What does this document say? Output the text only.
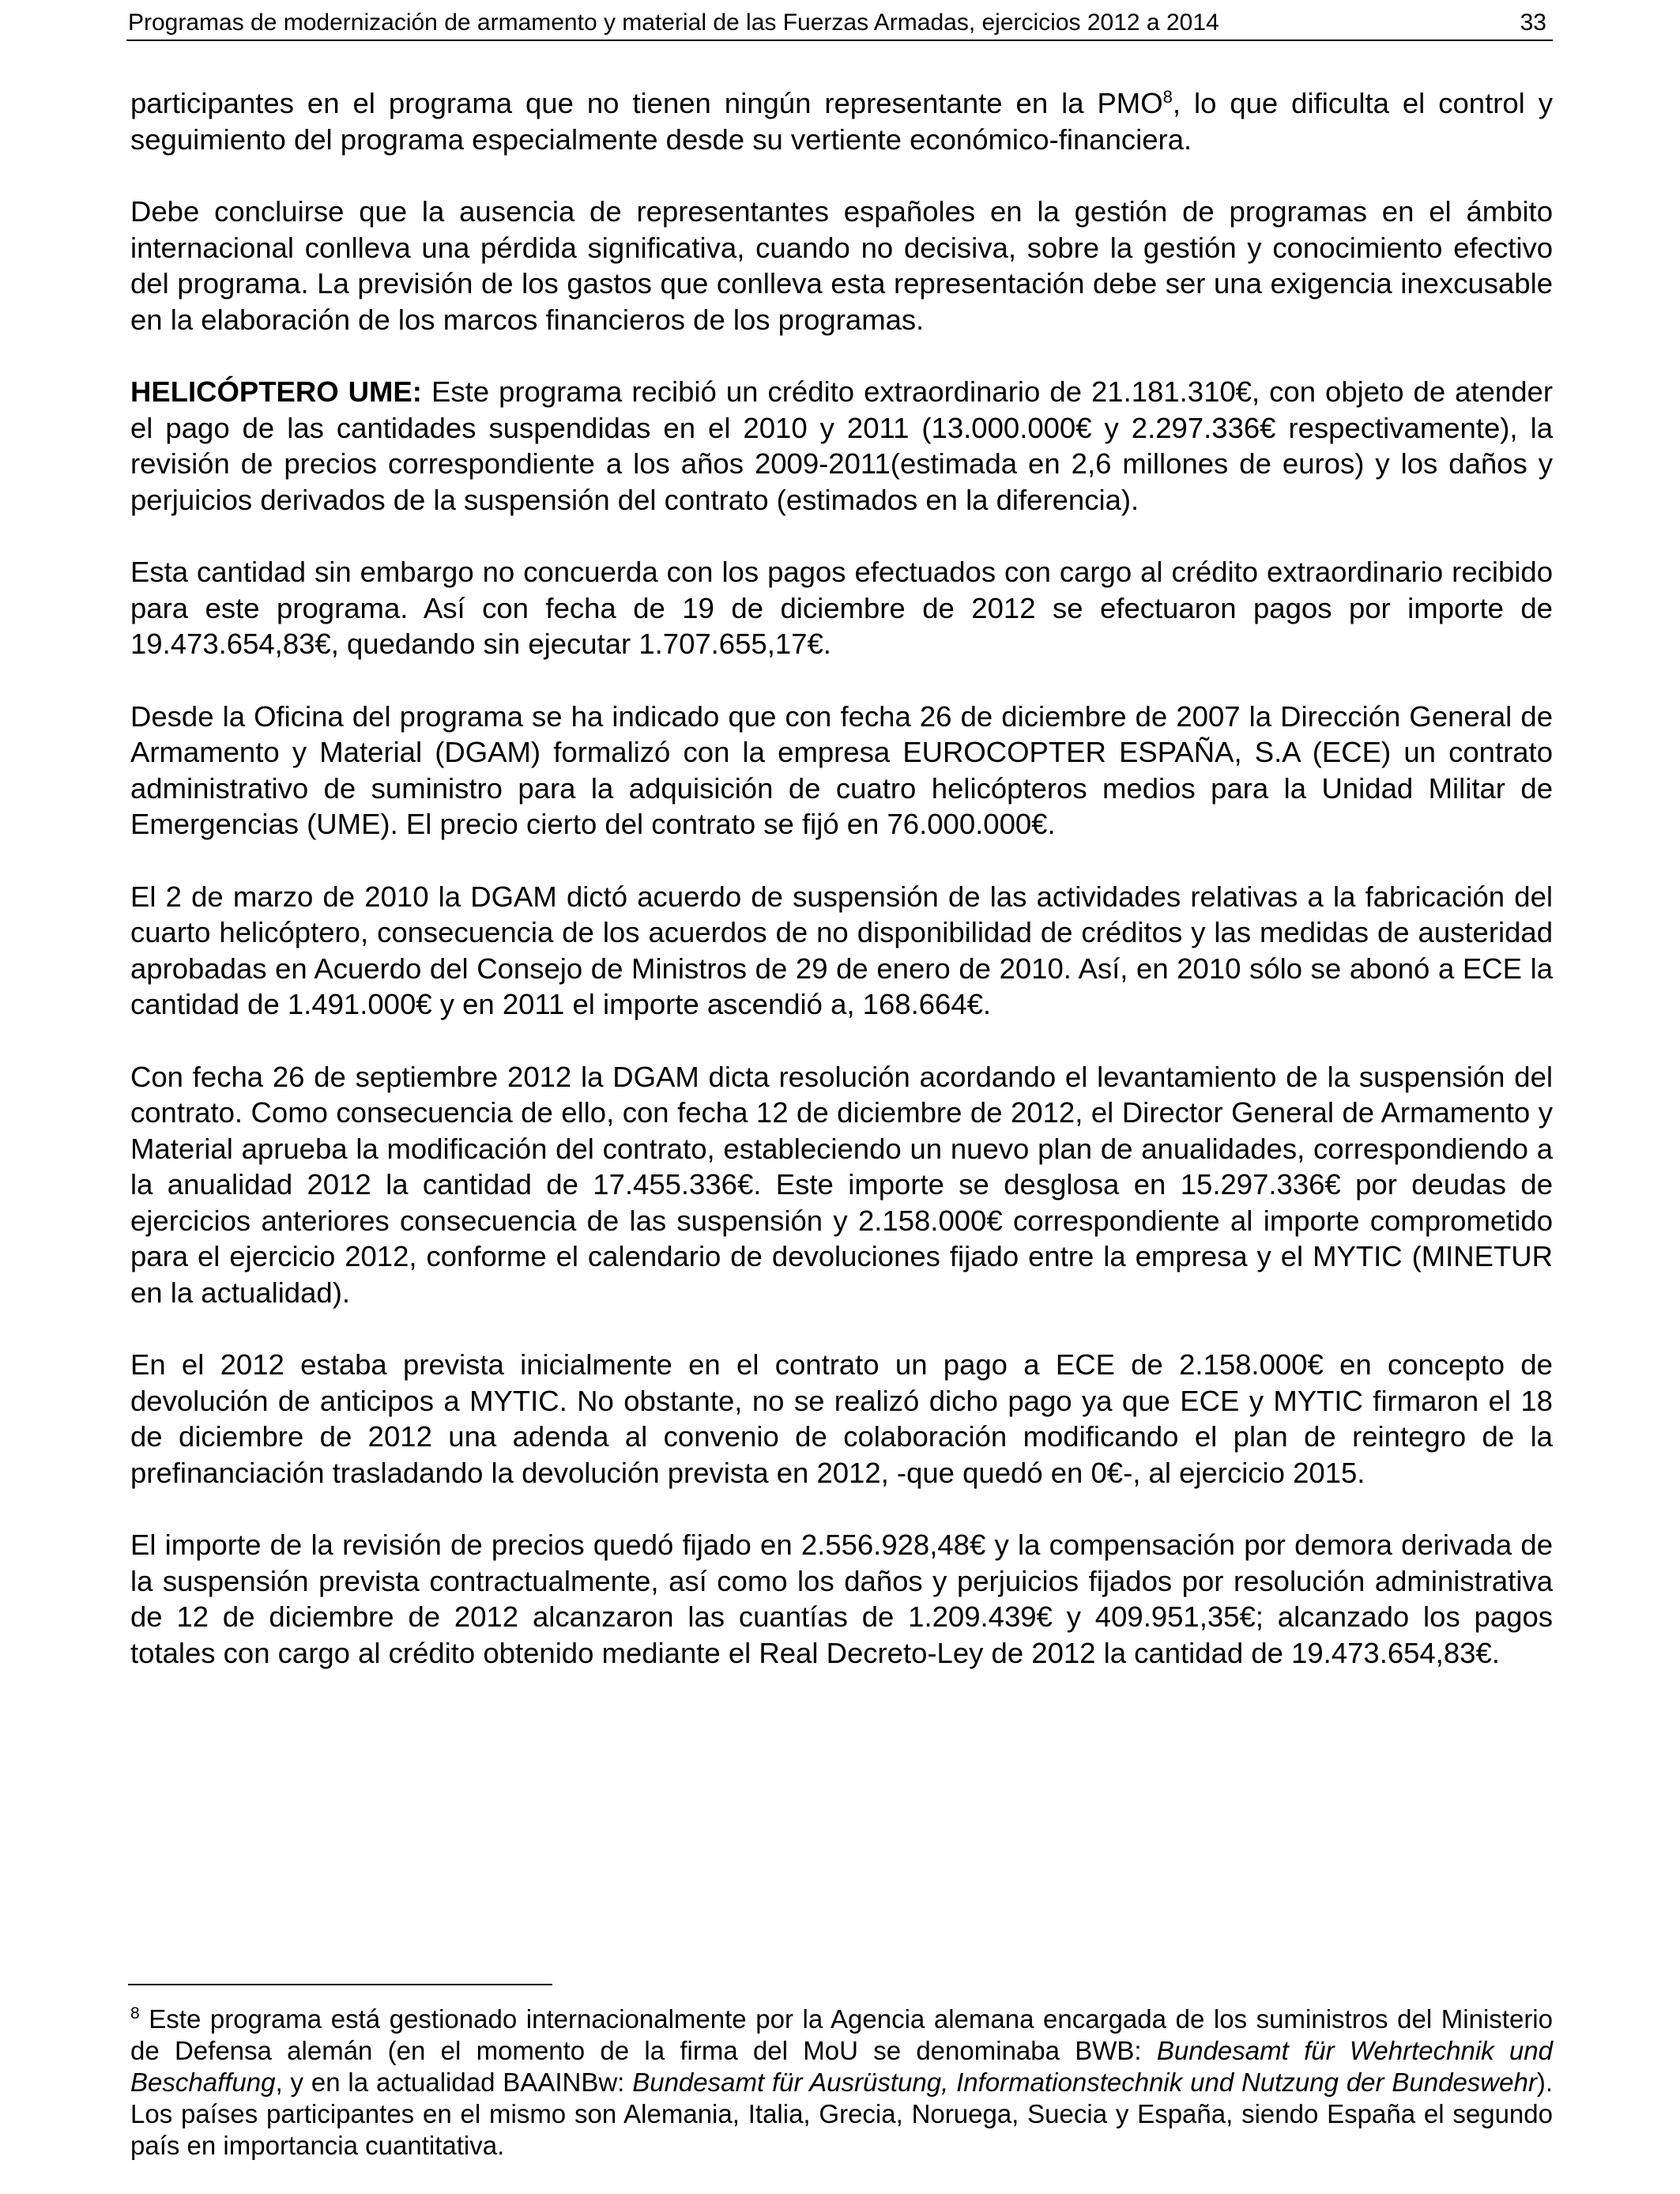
Programas de modernización de armamento y material de las Fuerzas Armadas, ejercicios 2012 a 2014	33

participantes en el programa que no tienen ningún representante en la PMO$^8$, lo que dificulta el control y seguimiento del programa especialmente desde su vertiente económico-financiera.

Debe concluirse que la ausencia de representantes españoles en la gestión de programas en el ámbito internacional conlleva una pérdida significativa, cuando no decisiva, sobre la gestión y conocimiento efectivo del programa. La previsión de los gastos que conlleva esta representación debe ser una exigencia inexcusable en la elaboración de los marcos financieros de los programas.

HELICÓPTERO UME: Este programa recibió un crédito extraordinario de 21.181.310€, con objeto de atender el pago de las cantidades suspendidas en el 2010 y 2011 (13.000.000€ y 2.297.336€ respectivamente), la revisión de precios correspondiente a los años 2009-2011(estimada en 2,6 millones de euros) y los daños y perjuicios derivados de la suspensión del contrato (estimados en la diferencia).

Esta cantidad sin embargo no concuerda con los pagos efectuados con cargo al crédito extraordinario recibido para este programa. Así con fecha de 19 de diciembre de 2012 se efectuaron pagos por importe de 19.473.654,83€, quedando sin ejecutar 1.707.655,17€.

Desde la Oficina del programa se ha indicado que con fecha 26 de diciembre de 2007 la Dirección General de Armamento y Material (DGAM) formalizó con la empresa EUROCOPTER ESPAÑA, S.A (ECE) un contrato administrativo de suministro para la adquisición de cuatro helicópteros medios para la Unidad Militar de Emergencias (UME). El precio cierto del contrato se fijó en 76.000.000€.

El 2 de marzo de 2010 la DGAM dictó acuerdo de suspensión de las actividades relativas a la fabricación del cuarto helicóptero, consecuencia de los acuerdos de no disponibilidad de créditos y las medidas de austeridad aprobadas en Acuerdo del Consejo de Ministros de 29 de enero de 2010. Así, en 2010 sólo se abonó a ECE la cantidad de 1.491.000€ y en 2011 el importe ascendió a, 168.664€.

Con fecha 26 de septiembre 2012 la DGAM dicta resolución acordando el levantamiento de la suspensión del contrato. Como consecuencia de ello, con fecha 12 de diciembre de 2012, el Director General de Armamento y Material aprueba la modificación del contrato, estableciendo un nuevo plan de anualidades, correspondiendo a la anualidad 2012 la cantidad de 17.455.336€. Este importe se desglosa en 15.297.336€ por deudas de ejercicios anteriores consecuencia de las suspensión y 2.158.000€ correspondiente al importe comprometido para el ejercicio 2012, conforme el calendario de devoluciones fijado entre la empresa y el MYTIC (MINETUR en la actualidad).

En el 2012 estaba prevista inicialmente en el contrato un pago a ECE de 2.158.000€ en concepto de devolución de anticipos a MYTIC. No obstante, no se realizó dicho pago ya que ECE y MYTIC firmaron el 18 de diciembre de 2012 una adenda al convenio de colaboración modificando el plan de reintegro de la prefinanciación trasladando la devolución prevista en 2012, -que quedó en 0€-, al ejercicio 2015.

El importe de la revisión de precios quedó fijado en 2.556.928,48€ y la compensación por demora derivada de la suspensión prevista contractualmente, así como los daños y perjuicios fijados por resolución administrativa de 12 de diciembre de 2012 alcanzaron las cuantías de 1.209.439€ y 409.951,35€; alcanzado los pagos totales con cargo al crédito obtenido mediante el Real Decreto-Ley de 2012 la cantidad de 19.473.654,83€.

$^8$ Este programa está gestionado internacionalmente por la Agencia alemana encargada de los suministros del Ministerio de Defensa alemán (en el momento de la firma del MoU se denominaba BWB: Bundesamt für Wehrtechnik und Beschaffung, y en la actualidad BAAINBw: Bundesamt für Ausrüstung, Informationstechnik und Nutzung der Bundeswehr). Los países participantes en el mismo son Alemania, Italia, Grecia, Noruega, Suecia y España, siendo España el segundo país en importancia cuantitativa.
